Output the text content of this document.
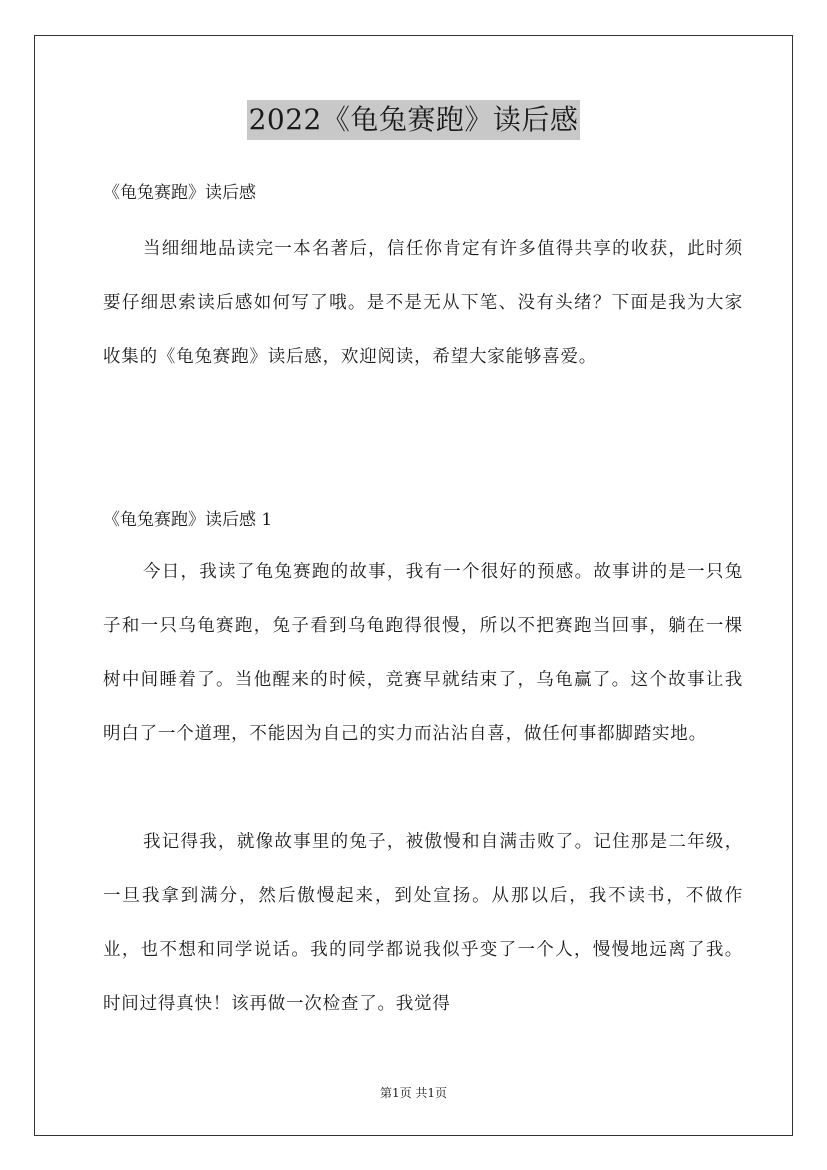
2022《龟兔赛跑》读后感
《龟兔赛跑》读后感

当细细地品读完一本名著后，信任你肯定有许多值得共享的收获，此时须要仔细思索读后感如何写了哦。是不是无从下笔、没有头绪？下面是我为大家收集的《龟兔赛跑》读后感，欢迎阅读，希望大家能够喜爱。

《龟兔赛跑》读后感 1

今日，我读了龟兔赛跑的故事，我有一个很好的预感。故事讲的是一只兔子和一只乌龟赛跑，兔子看到乌龟跑得很慢，所以不把赛跑当回事，躺在一棵树中间睡着了。当他醒来的时候，竞赛早就结束了，乌龟赢了。这个故事让我明白了一个道理，不能因为自己的实力而沾沾自喜，做任何事都脚踏实地。

我记得我，就像故事里的兔子，被傲慢和自满击败了。记住那是二年级，一旦我拿到满分，然后傲慢起来，到处宣扬。从那以后，我不读书，不做作业，也不想和同学说话。我的同学都说我似乎变了一个人，慢慢地远离了我。时间过得真快！该再做一次检查了。我觉得

第1页 共1页
